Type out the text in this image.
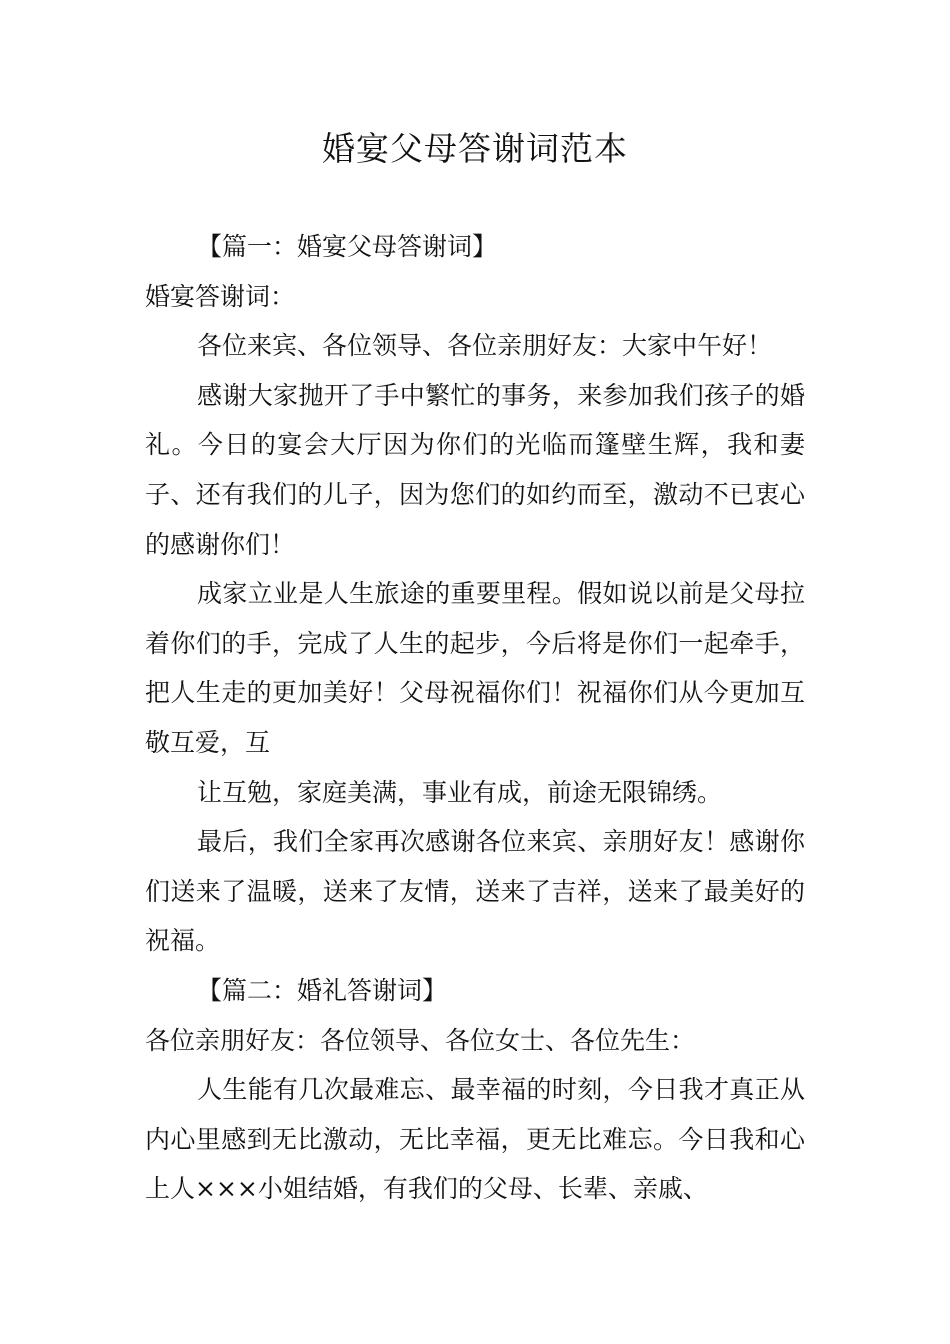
婚宴父母答谢词范本

【篇一：婚宴父母答谢词】

婚宴答谢词：

各位来宾、各位领导、各位亲朋好友：大家中午好！

感谢大家抛开了手中繁忙的事务，来参加我们孩子的婚礼。今日的宴会大厅因为你们的光临而篷壁生辉，我和妻子、还有我们的儿子，因为您们的如约而至，激动不已衷心的感谢你们！

成家立业是人生旅途的重要里程。假如说以前是父母拉着你们的手，完成了人生的起步，今后将是你们一起牵手，把人生走的更加美好！父母祝福你们！祝福你们从今更加互敬互爱，互

让互勉，家庭美满，事业有成，前途无限锦绣。

最后，我们全家再次感谢各位来宾、亲朋好友！感谢你们送来了温暖，送来了友情，送来了吉祥，送来了最美好的祝福。

【篇二：婚礼答谢词】

各位亲朋好友：各位领导、各位女士、各位先生：

人生能有几次最难忘、最幸福的时刻，今日我才真正从内心里感到无比激动，无比幸福，更无比难忘。今日我和心上人×××小姐结婚，有我们的父母、长辈、亲戚、
